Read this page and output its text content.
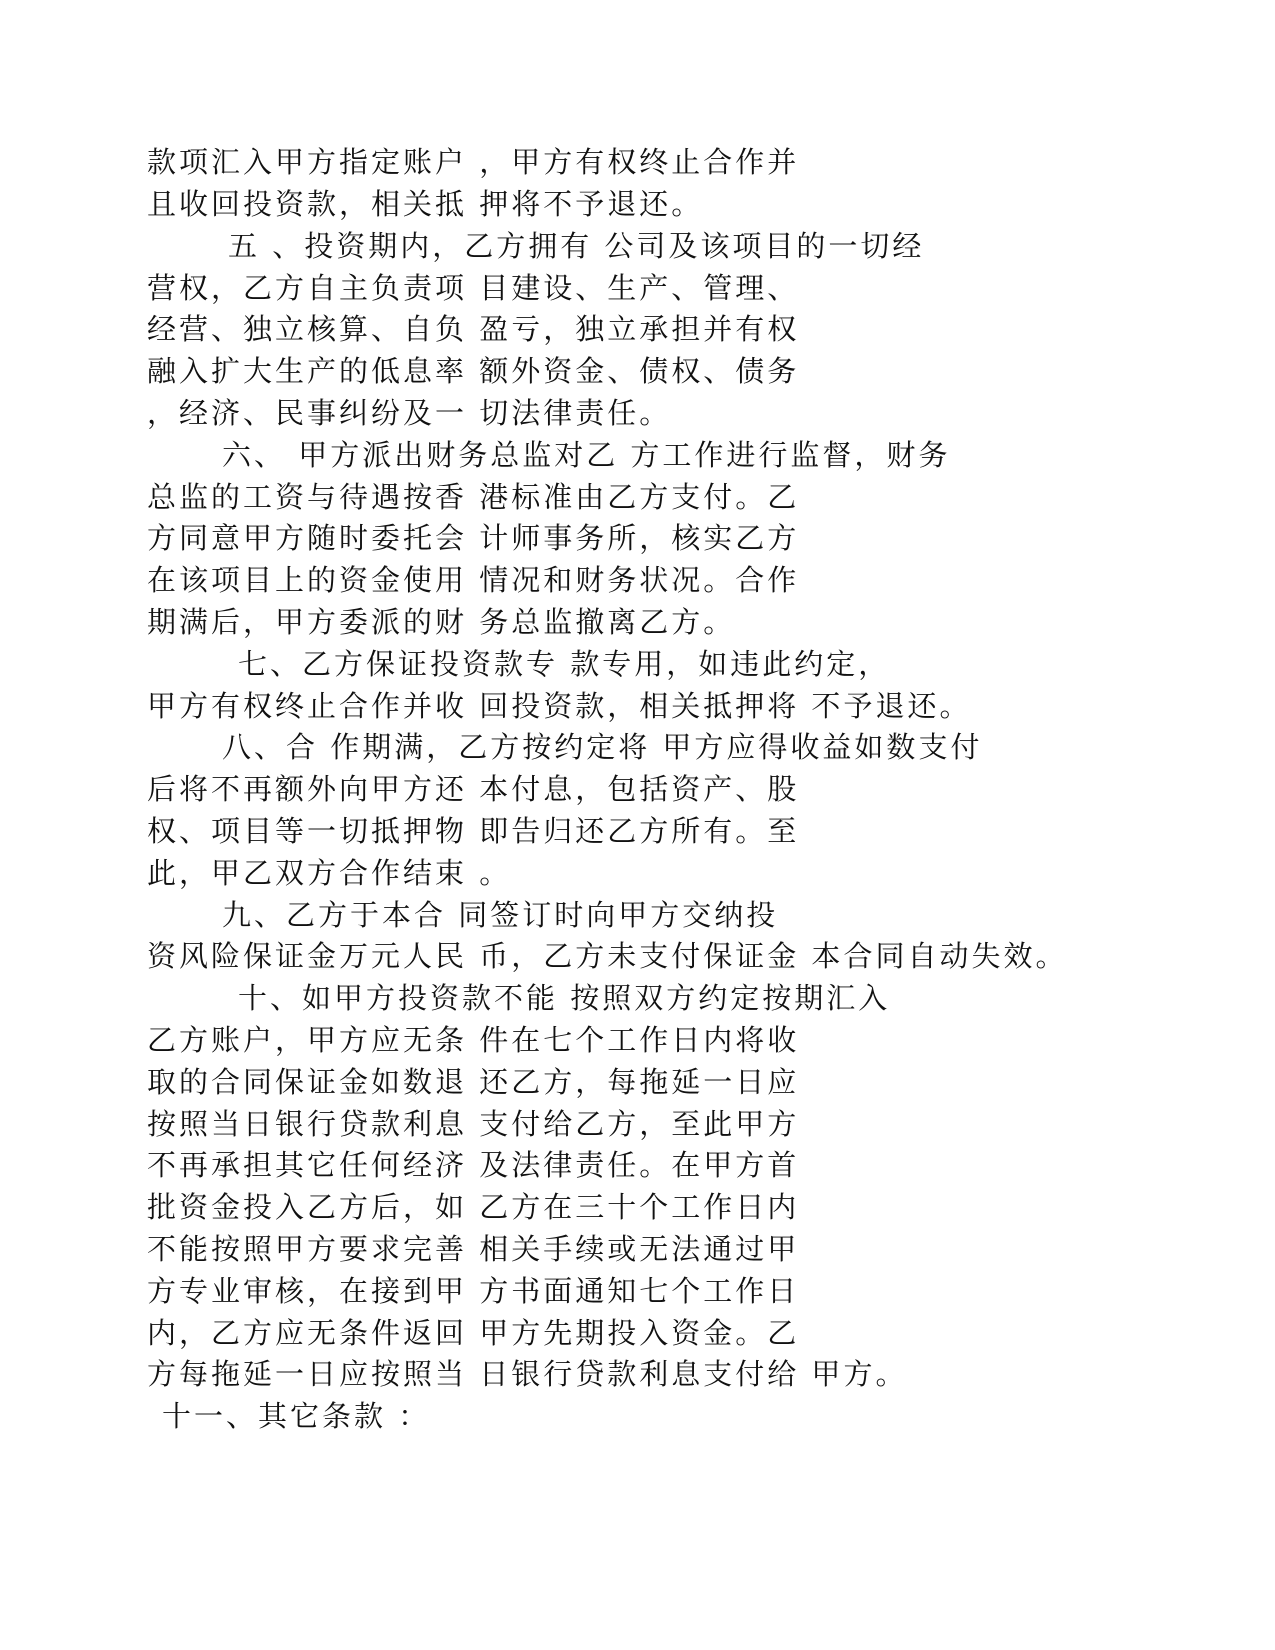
款项汇入甲方指定账户 ，甲方有权终止合作并
且收回投资款，相关抵 押将不予退还。
五 、投资期内，乙方拥有 公司及该项目的一切经
营权，乙方自主负责项 目建设、生产、管理、
经营、独立核算、自负 盈亏，独立承担并有权
融入扩大生产的低息率 额外资金、债权、债务
，经济、民事纠纷及一 切法律责任。
六、 甲方派出财务总监对乙 方工作进行监督，财务
总监的工资与待遇按香 港标准由乙方支付。乙
方同意甲方随时委托会 计师事务所，核实乙方
在该项目上的资金使用 情况和财务状况。合作
期满后，甲方委派的财 务总监撤离乙方。
七、乙方保证投资款专 款专用，如违此约定，
甲方有权终止合作并收 回投资款，相关抵押将 不予退还。
八、合 作期满，乙方按约定将 甲方应得收益如数支付
后将不再额外向甲方还 本付息，包括资产、股
权、项目等一切抵押物 即告归还乙方所有。至
此，甲乙双方合作结束 。
九、乙方于本合 同签订时向甲方交纳投
资风险保证金万元人民 币，乙方未支付保证金 本合同自动失效。
十、如甲方投资款不能 按照双方约定按期汇入
乙方账户，甲方应无条 件在七个工作日内将收
取的合同保证金如数退 还乙方，每拖延一日应
按照当日银行贷款利息 支付给乙方，至此甲方
不再承担其它任何经济 及法律责任。在甲方首
批资金投入乙方后，如 乙方在三十个工作日内
不能按照甲方要求完善 相关手续或无法通过甲
方专业审核，在接到甲 方书面通知七个工作日
内，乙方应无条件返回 甲方先期投入资金。乙
方每拖延一日应按照当 日银行贷款利息支付给 甲方。
十一、其它条款 ：
